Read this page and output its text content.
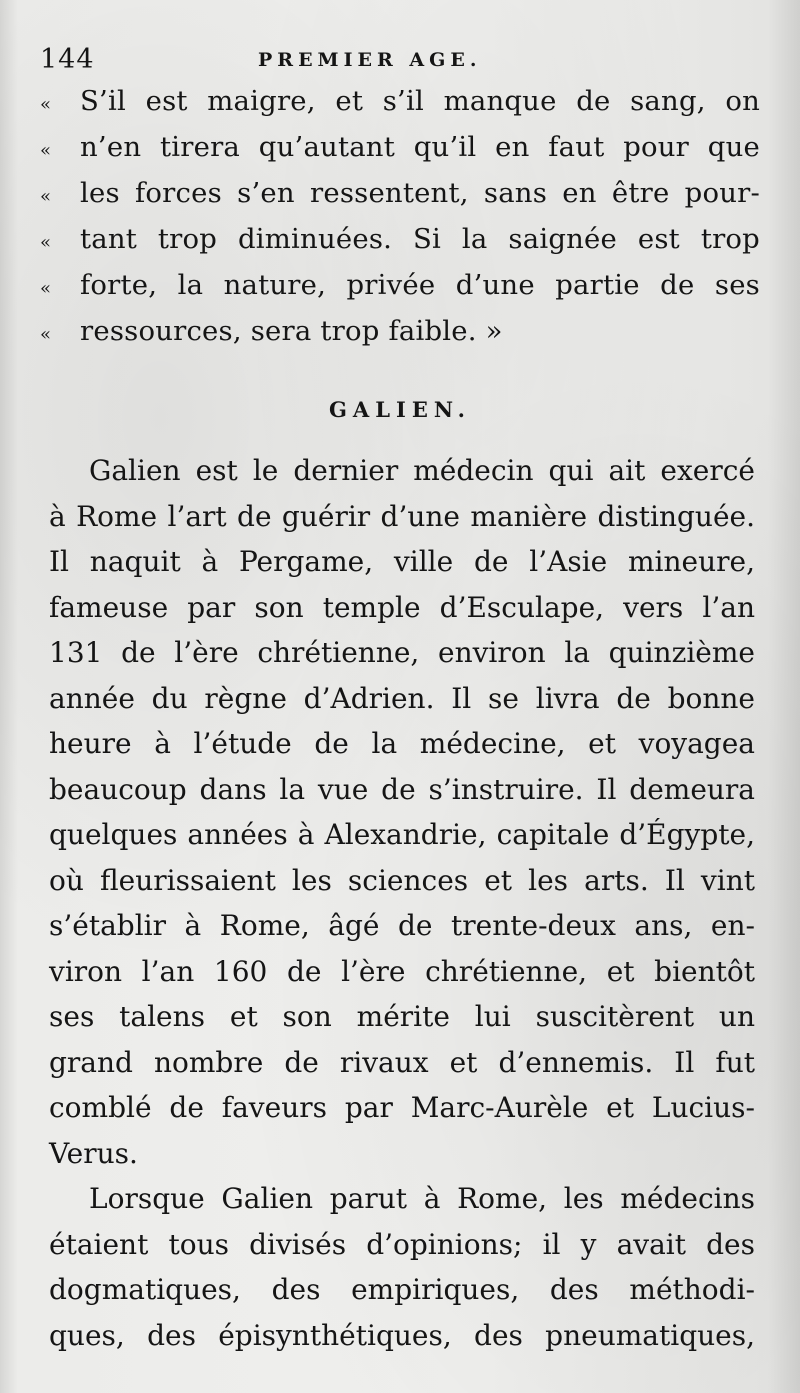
144	PREMIER AGE.
«	S’il est maigre, et s’il manque de sang, on
«	n’en tirera qu’autant qu’il en faut pour que
«	les forces s’en ressentent, sans en être pour-
«	tant trop diminuées. Si la saignée est trop
«	forte, la nature, privée d’une partie de ses
«	ressources, sera trop faible. »
GALIEN.
Galien est le dernier médecin qui ait exercé
à Rome l’art de guérir d’une manière distinguée.
Il naquit à Pergame, ville de l’Asie mineure,
fameuse par son temple d’Esculape, vers l’an
131 de l’ère chrétienne, environ la quinzième
année du règne d’Adrien. Il se livra de bonne
heure à l’étude de la médecine, et voyagea
beaucoup dans la vue de s’instruire. Il demeura
quelques années à Alexandrie, capitale d’Égypte,
où fleurissaient les sciences et les arts. Il vint
s’établir à Rome, âgé de trente-deux ans, en-
viron l’an 160 de l’ère chrétienne, et bientôt
ses talens et son mérite lui suscitèrent un
grand nombre de rivaux et d’ennemis. Il fut
comblé de faveurs par Marc-Aurèle et Lucius-
Verus.
Lorsque Galien parut à Rome, les médecins
étaient tous divisés d’opinions; il y avait des
dogmatiques, des empiriques, des méthodi-
ques, des épisynthétiques, des pneumatiques,
